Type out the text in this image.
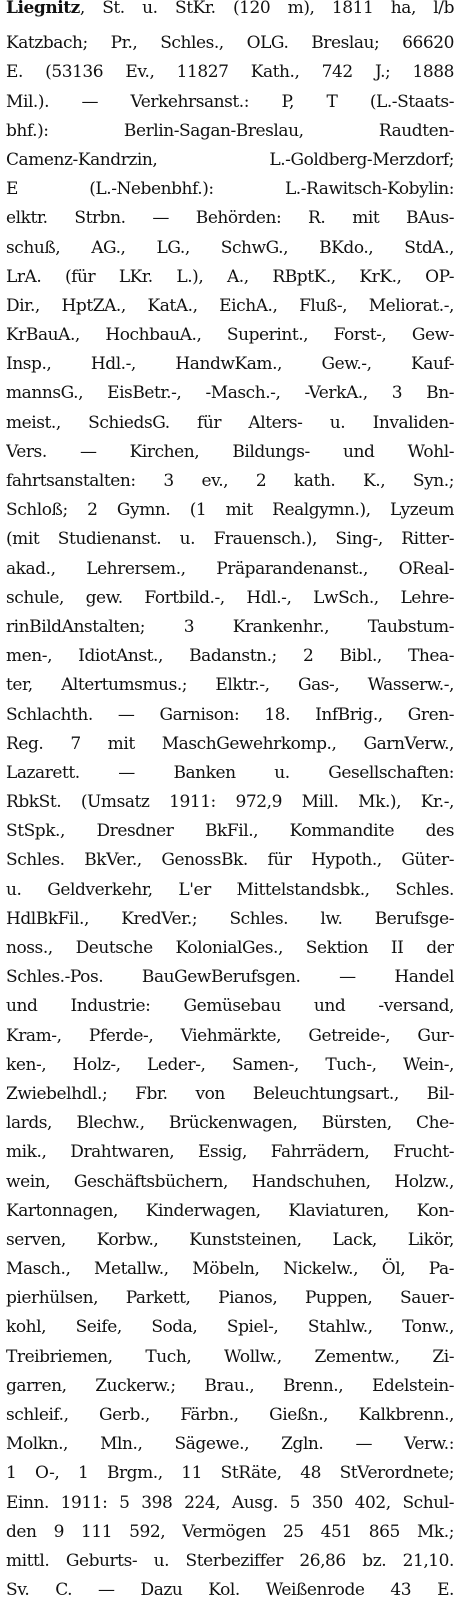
Liegnitz, St. u. StKr. (120 m), 1811 ha, l/b
Katzbach; Pr., Schles., OLG. Breslau; 66620
E. (53136 Ev., 11827 Kath., 742 J.; 1888
Mil.). — Verkehrsanst.: P, T (L.-Staats-
bhf.): Berlin-Sagan-Breslau, Raudten-
Camenz-Kandrzin, L.-Goldberg-Merzdorf;
E (L.-Nebenbhf.): L.-Rawitsch-Kobylin:
elktr. Strbn. — Behörden: R. mit BAus-
schuß, AG., LG., SchwG., BKdo., StdA.,
LrA. (für LKr. L.), A., RBptK., KrK., OP-
Dir., HptZA., KatA., EichA., Fluß-, Meliorat.-,
KrBauA., HochbauA., Superint., Forst-, Gew-
Insp., Hdl.-, HandwKam., Gew.-, Kauf-
mannsG., EisBetr.-, -Masch.-, -VerkA., 3 Bn-
meist., SchiedsG. für Alters- u. Invaliden-
Vers. — Kirchen, Bildungs- und Wohl-
fahrtsanstalten: 3 ev., 2 kath. K., Syn.;
Schloß; 2 Gymn. (1 mit Realgymn.), Lyzeum
(mit Studienanst. u. Frauensch.), Sing-, Ritter-
akad., Lehrersem., Präparandenanst., OReal-
schule, gew. Fortbild.-, Hdl.-, LwSch., Lehre-
rinBildAnstalten; 3 Krankenhr., Taubstum-
men-, IdiotAnst., Badanstn.; 2 Bibl., Thea-
ter, Altertumsmus.; Elktr.-, Gas-, Wasserw.-,
Schlachth. — Garnison: 18. InfBrig., Gren-
Reg. 7 mit MaschGewehrkomp., GarnVerw.,
Lazarett. — Banken u. Gesellschaften:
RbkSt. (Umsatz 1911: 972,9 Mill. Mk.), Kr.-,
StSpk., Dresdner BkFil., Kommandite des
Schles. BkVer., GenossBk. für Hypoth., Güter-
u. Geldverkehr, L'er Mittelstandsbk., Schles.
HdlBkFil., KredVer.; Schles. lw. Berufsge-
noss., Deutsche KolonialGes., Sektion II der
Schles.-Pos. BauGewBerufsgen. — Handel
und Industrie: Gemüsebau und -versand,
Kram-, Pferde-, Viehmärkte, Getreide-, Gur-
ken-, Holz-, Leder-, Samen-, Tuch-, Wein-,
Zwiebelhdl.; Fbr. von Beleuchtungsart., Bil-
lards, Blechw., Brückenwagen, Bürsten, Che-
mik., Drahtwaren, Essig, Fahrrädern, Frucht-
wein, Geschäftsbüchern, Handschuhen, Holzw.,
Kartonnagen, Kinderwagen, Klaviaturen, Kon-
serven, Korbw., Kunststeinen, Lack, Likör,
Masch., Metallw., Möbeln, Nickelw., Öl, Pa-
pierhülsen, Parkett, Pianos, Puppen, Sauer-
kohl, Seife, Soda, Spiel-, Stahlw., Tonw.,
Treibriemen, Tuch, Wollw., Zementw., Zi-
garren, Zuckerw.; Brau., Brenn., Edelstein-
schleif., Gerb., Färbn., Gießn., Kalkbrenn.,
Molkn., Mln., Sägewe., Zgln. — Verw.:
1 O-, 1 Brgm., 11 StRäte, 48 StVerordnete;
Einn. 1911: 5 398 224, Ausg. 5 350 402, Schul-
den 9 111 592, Vermögen 25 451 865 Mk.;
mittl. Geburts- u. Sterbeziffer 26,86 bz. 21,10.
Sv. C. — Dazu Kol. Weißenrode 43 E.
